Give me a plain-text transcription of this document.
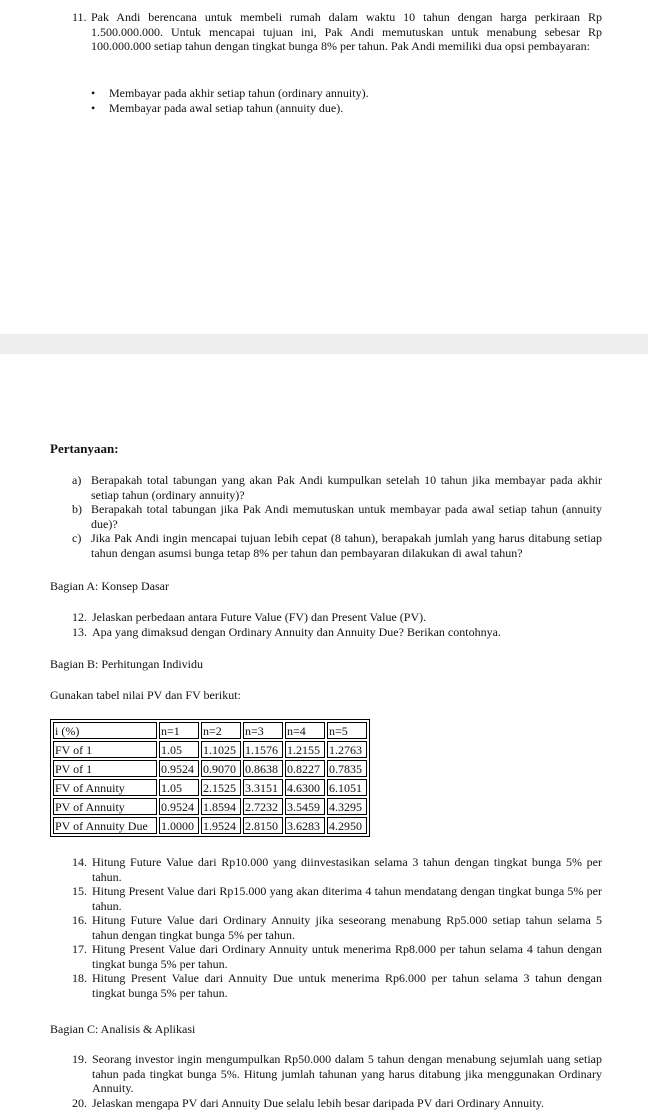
11. Pak Andi berencana untuk membeli rumah dalam waktu 10 tahun dengan harga perkiraan Rp 1.500.000.000. Untuk mencapai tujuan ini, Pak Andi memutuskan untuk menabung sebesar Rp 100.000.000 setiap tahun dengan tingkat bunga 8% per tahun. Pak Andi memiliki dua opsi pembayaran:
• Membayar pada akhir setiap tahun (ordinary annuity).
• Membayar pada awal setiap tahun (annuity due).
Pertanyaan:
a) Berapakah total tabungan yang akan Pak Andi kumpulkan setelah 10 tahun jika membayar pada akhir setiap tahun (ordinary annuity)?
b) Berapakah total tabungan jika Pak Andi memutuskan untuk membayar pada awal setiap tahun (annuity due)?
c) Jika Pak Andi ingin mencapai tujuan lebih cepat (8 tahun), berapakah jumlah yang harus ditabung setiap tahun dengan asumsi bunga tetap 8% per tahun dan pembayaran dilakukan di awal tahun?
Bagian A: Konsep Dasar
12. Jelaskan perbedaan antara Future Value (FV) dan Present Value (PV).
13. Apa yang dimaksud dengan Ordinary Annuity dan Annuity Due? Berikan contohnya.
Bagian B: Perhitungan Individu
Gunakan tabel nilai PV dan FV berikut:
i (%)	n=1	n=2	n=3	n=4	n=5
FV of 1	1.05	1.1025	1.1576	1.2155	1.2763
PV of 1	0.9524	0.9070	0.8638	0.8227	0.7835
FV of Annuity	1.05	2.1525	3.3151	4.6300	6.1051
PV of Annuity	0.9524	1.8594	2.7232	3.5459	4.3295
PV of Annuity Due	1.0000	1.9524	2.8150	3.6283	4.2950
14. Hitung Future Value dari Rp10.000 yang diinvestasikan selama 3 tahun dengan tingkat bunga 5% per tahun.
15. Hitung Present Value dari Rp15.000 yang akan diterima 4 tahun mendatang dengan tingkat bunga 5% per tahun.
16. Hitung Future Value dari Ordinary Annuity jika seseorang menabung Rp5.000 setiap tahun selama 5 tahun dengan tingkat bunga 5% per tahun.
17. Hitung Present Value dari Ordinary Annuity untuk menerima Rp8.000 per tahun selama 4 tahun dengan tingkat bunga 5% per tahun.
18. Hitung Present Value dari Annuity Due untuk menerima Rp6.000 per tahun selama 3 tahun dengan tingkat bunga 5% per tahun.
Bagian C: Analisis & Aplikasi
19. Seorang investor ingin mengumpulkan Rp50.000 dalam 5 tahun dengan menabung sejumlah uang setiap tahun pada tingkat bunga 5%. Hitung jumlah tahunan yang harus ditabung jika menggunakan Ordinary Annuity.
20. Jelaskan mengapa PV dari Annuity Due selalu lebih besar daripada PV dari Ordinary Annuity.
